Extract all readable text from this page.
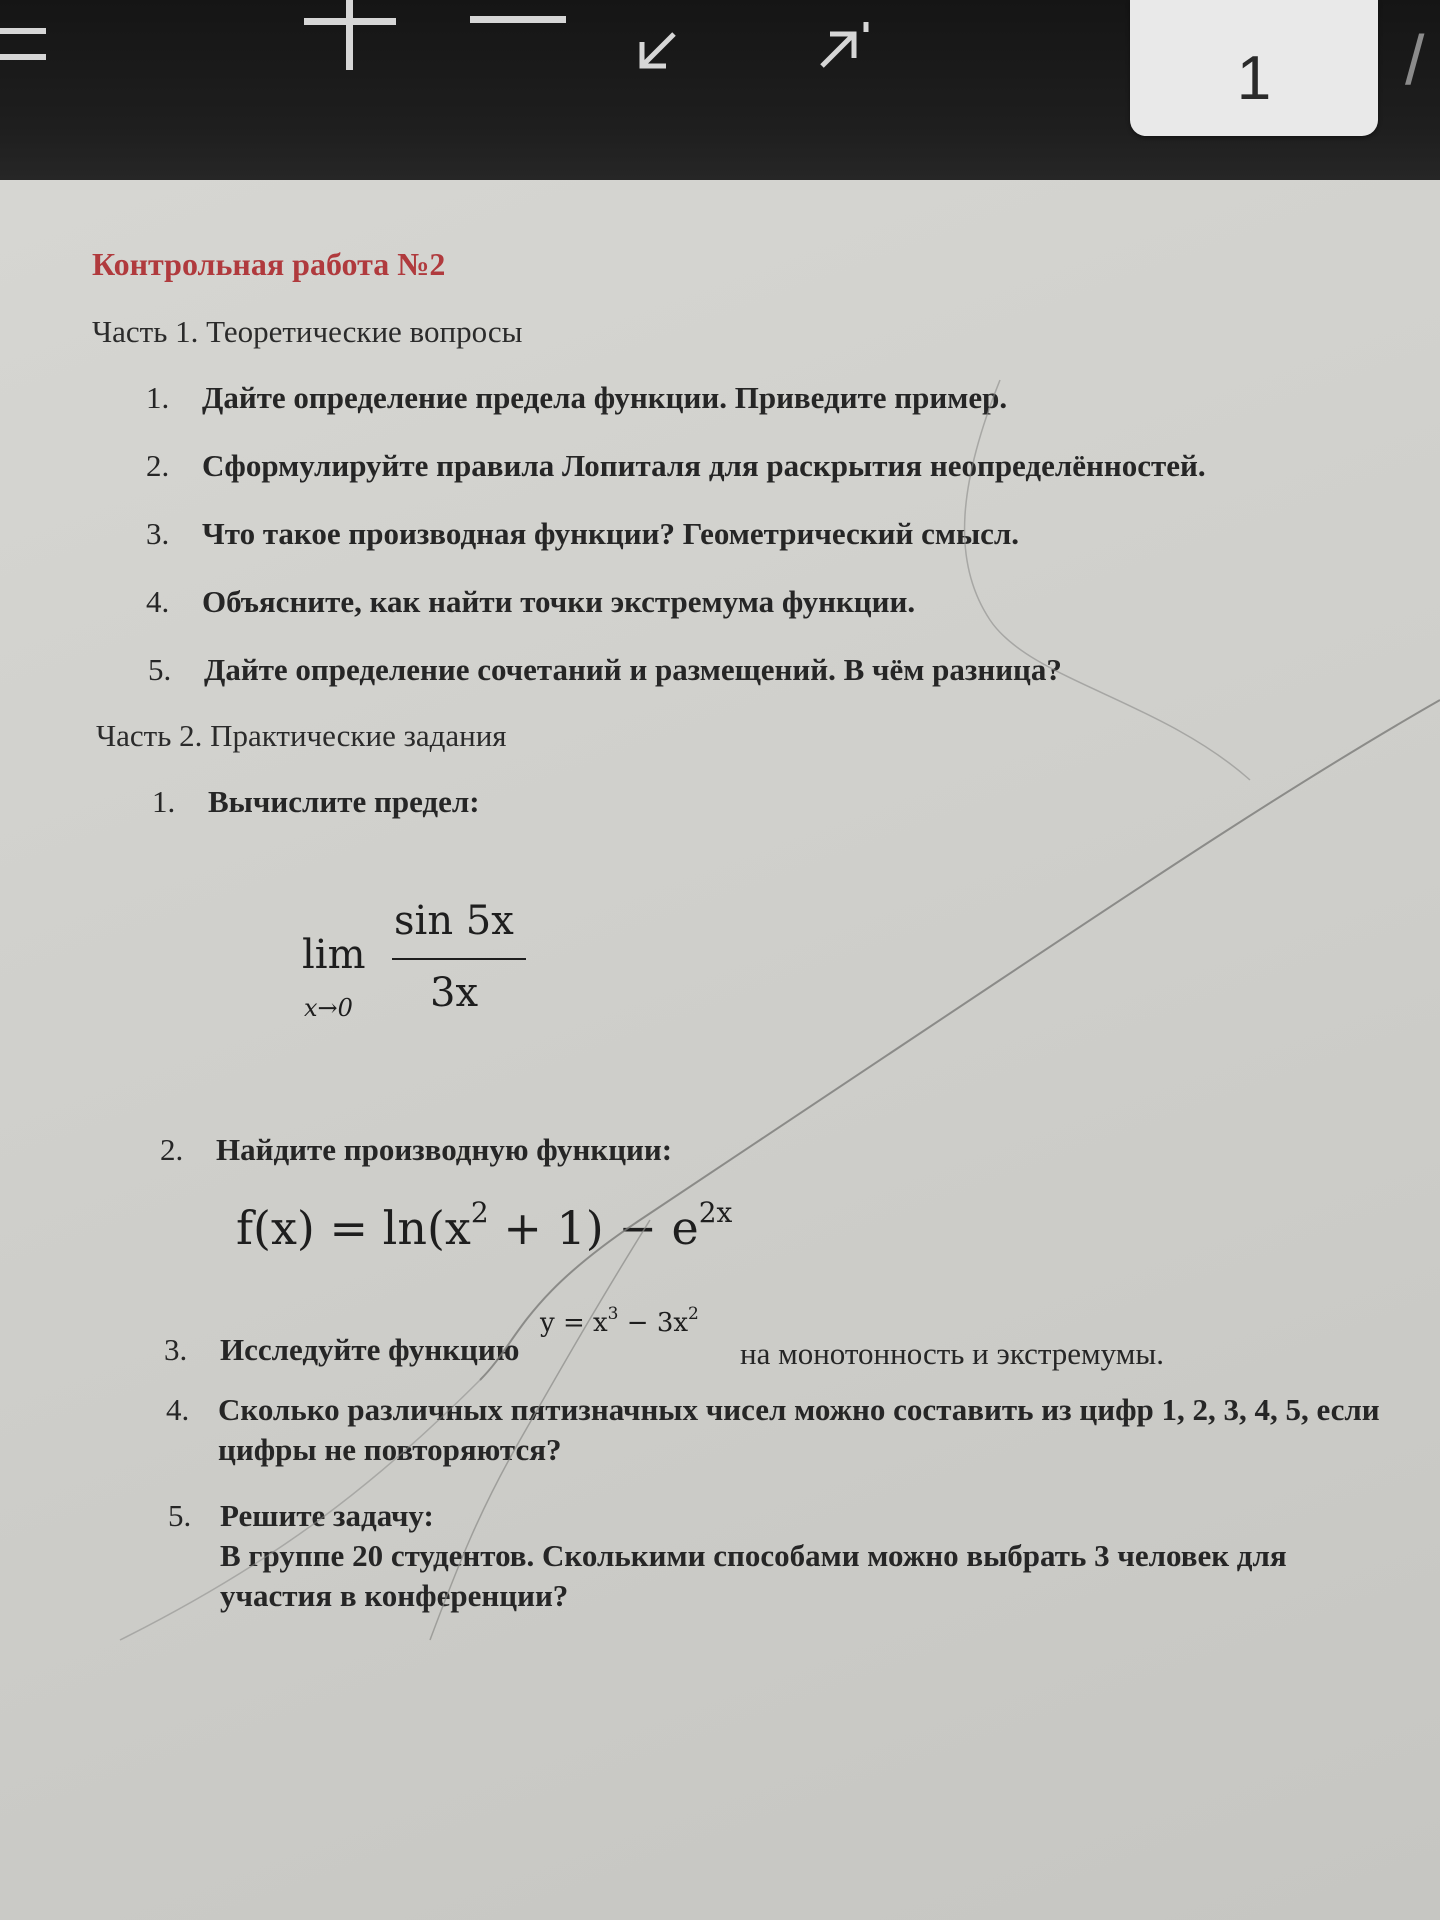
1
/
Контрольная работа №2
Часть 1. Теоретические вопросы
1. Дайте определение предела функции. Приведите пример.
2. Сформулируйте правила Лопиталя для раскрытия неопределённостей.
3. Что такое производная функции? Геометрический смысл.
4. Объясните, как найти точки экстремума функции.
5. Дайте определение сочетаний и размещений. В чём разница?
Часть 2. Практические задания
1. Вычислите предел:
lim
x→0
sin 5x
3x
2. Найдите производную функции:
$f(x) = \ln(x^2 + 1) - e^{2x}$
3. Исследуйте функцию
$y = x^3 - 3x^2$
на монотонность и экстремумы.
4. Сколько различных пятизначных чисел можно составить из цифр 1, 2, 3, 4, 5, если цифры не повторяются?
5. Решите задачу:
В группе 20 студентов. Сколькими способами можно выбрать 3 человек для участия в конференции?
